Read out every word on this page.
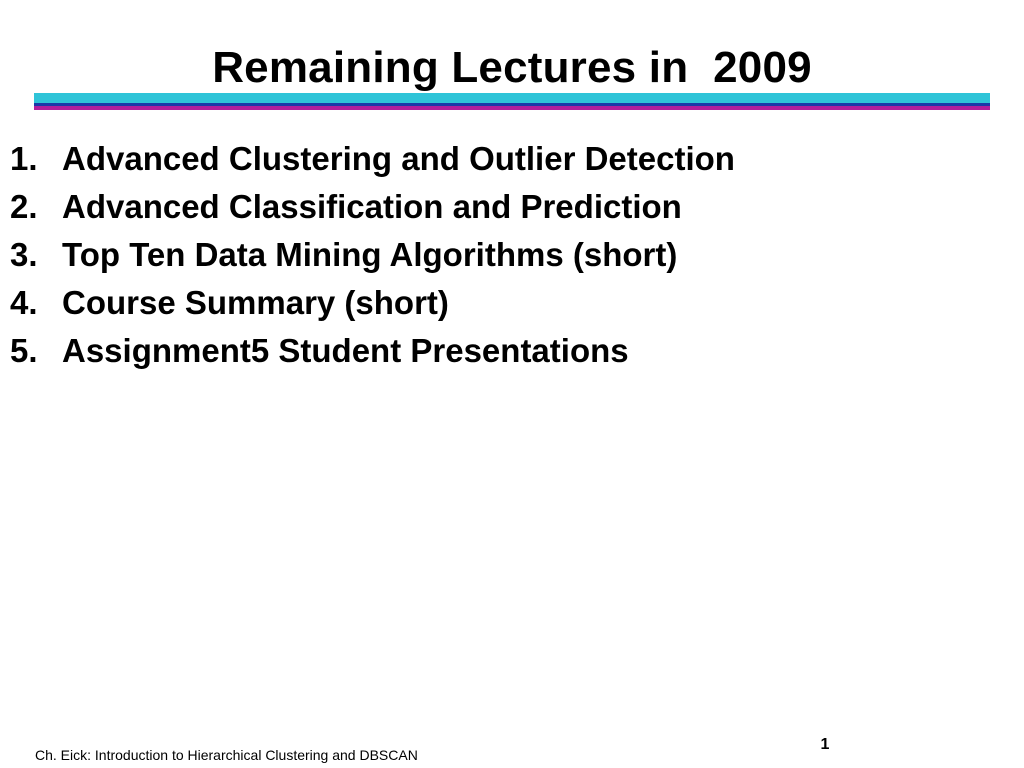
Remaining Lectures in  2009
1. Advanced Clustering and Outlier Detection
2. Advanced Classification and Prediction
3. Top Ten Data Mining Algorithms (short)
4. Course Summary (short)
5. Assignment5 Student Presentations
Ch. Eick: Introduction to Hierarchical Clustering and DBSCAN
1
